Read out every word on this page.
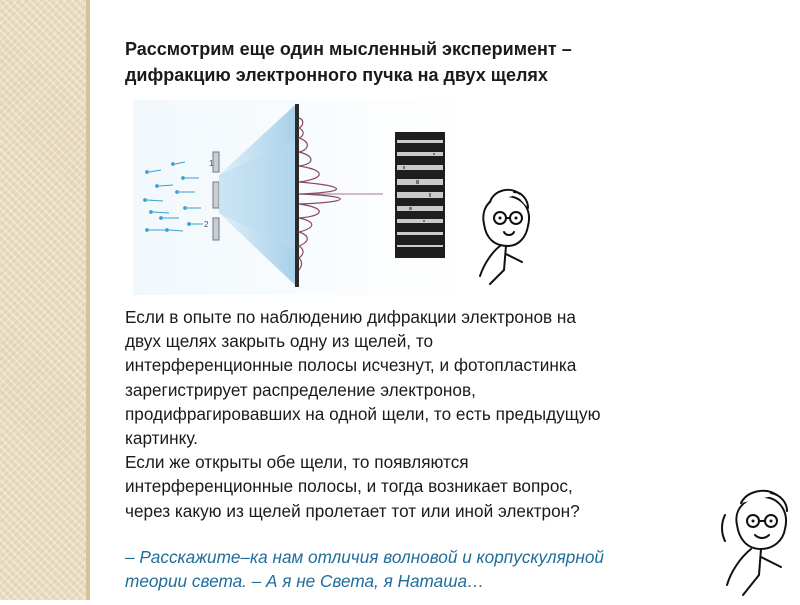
Рассмотрим еще один мысленный эксперимент –
дифракцию электронного пучка на двух щелях
1
2
Если в опыте по наблюдению дифракции электронов на
двух щелях закрыть одну из щелей, то
интерференционные полосы исчезнут, и фотопластинка
зарегистрирует распределение электронов,
продифрагировавших на одной щели, то есть предыдущую
картинку.
Если же открыты обе щели, то появляются
интерференционные полосы, и тогда возникает вопрос,
через какую из щелей пролетает тот или иной электрон?
– Расскажите–ка нам отличия волновой и корпускулярной
теории света. – А я не Света, я Наташа…
